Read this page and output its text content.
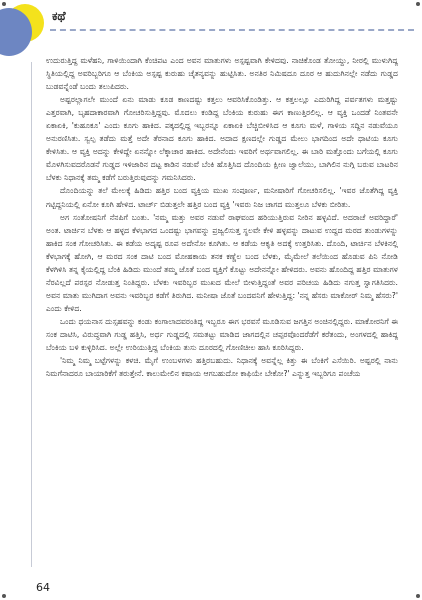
ಕಥೆ

ಉದುರುತ್ತಿದ್ದ ಮಳೆಹನಿ, ಗಾಳಿಯಿಂದಾಗಿ ಕೆಂಚಿಪಟ ಎಂದ ಅವನ ಮಾತುಗಳು ಅಸ್ಪಷ್ಟವಾಗಿ ಕೇಳಿದವು. ನಾಚಿಕೊಂಡ ತೋಯ್ದು, ನೀರಲ್ಲಿ ಮುಳುಗಿದ್ದ ಸ್ಥಿತಿಯಲ್ಲಿದ್ದ ಅವರಿಬ್ಬರಿಗೂ ಆ ಬೆಂಕಿಯ ಅಸ್ಪಷ್ಟ ಕುರುಹು ಚೈತನ್ಯವನ್ನು ಹುಟ್ಟಿಸಿತು. ಅನತಿರ ನಿಮಿಷದೂ ದೂರ ಆ ಹುದುಗಿನಲ್ಲೇ ನಡೆದು ಗುಡ್ಡದ ಬುಡವನ್ನೆಂಡೆ ಬಂದು ತಲುಪಿದರು.

ಅಷ್ಟರಲ್ಲಾಗಲೇ ಮುಂದೆ ಏನು ಮಾಡು ಕೂಡ ಕಾಣದಷ್ಟು ಕತ್ತಲು ಆವರಿಸಿಕೊಂಡಿತ್ತು. ಆ ಕತ್ತಲಲ್ಲೂ ಎದುರಿಗಿದ್ದ ಪರ್ವತಗಳು ಮತ್ತಷ್ಟು ಎತ್ತರವಾಗಿ, ಬೃಹದಾಕಾರವಾಗಿ ಗೋಚರಿಸುತ್ತಿದ್ದವು. ಮೊದಲು ಕಂಡಿದ್ದ ಬೆಂಕಿಯ ಕುರುಹು ಈಗ ಕಾಣುತ್ತಿರಲಿಲ್ಲ. ಆ ವ್ಯಕ್ತಿ ಒಂದಡೆ ನಿಂತವನೇ ಏಕಾಏಕಿ, 'ಕುಹೂಕೂ' ಎಂದು ಕೂಗು ಹಾಕಿದ. ಪಕ್ಕದಲ್ಲಿದ್ದ ಇಬ್ಬರನ್ನೂ ಏಕಾಏಕಿ ಬೆಚ್ಚಿಬೀಳಿಸಿದ ಆ ಕೂಗು ಮಳೆ, ಗಾಳಿಯ ಸದ್ದಿನ ನಡುವೆಯೂ ಅನುರಣಿಸಿತು. ಸ್ವಲ್ಪ ತಡೆದು ಮತ್ತೆ ಅದೇ ತೆರನಾದ ಕೂಗು ಹಾಕಿದ. ಅದಾದ ಕ್ಷಣದಲ್ಲೇ ಗುಡ್ಡದ ಮೇಲು ಭಾಗದಿಂದ ಅದೇ ಧಾಟಿಯ ಕೂಗು ಕೇಳಿಸಿತು. ಆ ವ್ಯಕ್ತಿ ಅದನ್ನು ಕೇಳಿದ್ದೇ ಏನನ್ನೋ ಲೆಕ್ಕಾಚಾರ ಹಾಕಿದ. ಅದೇನೆಂದು ಇವರಿಗೆ ಅರ್ಥವಾಗಲಿಲ್ಲ. ಈ ಬಾರಿ ಮತ್ತೊಂದು ಬಗೆಯಲ್ಲಿ ಕೂಗು ಮೊಳಗಿಸುವದರೊಡನೆ ಗುಡ್ಡದ ಇಳಿಜಾರಿನ ದಟ್ಟ ಕಾಡಿನ ನಡುವೆ ಬೆಂಕಿ ಹೊತ್ತಿಸಿದ ದೊಂದಿಯ ಕ್ಷೀಣ ಜ್ವಾಲೆಯು, ಬಾಗಿಲಿನ ನುಗ್ಗಿ ಬರುವ ಬಾಟರಿನ ಬೆಳಕು ನಿಧಾನಕ್ಕೆ ತಮ್ಮ ಕಡೆಗೆ ಬರುತ್ತಿರುವುದನ್ನು ಗಮನಿಸಿದರು.

ದೊಂದಿಯನ್ನು ತಲೆ ಮೇಲಕ್ಕೆ ಹಿಡಿದು ಹತ್ತಿರ ಬಂದ ವ್ಯಕ್ತಿಯ ಮುಖ ಸಂಪೂರ್ಣ, ಮನೀಷಾರಿಗೆ ಗೋಚರಿಸಲಿಲ್ಲ. 'ಇವರ ಜೊತೆಗಿದ್ದ ವ್ಯಕ್ತಿ ಗಟ್ಟಿದ್ದನಿಯಲ್ಲಿ ಏನೋ ಕೂಗಿ ಹೇಳಿದ. ಟಾರ್ಚ್ ಬಿಡುತ್ತಲೇ ಹತ್ತಿರ ಬಂದ ವ್ಯಕ್ತಿ 'ಇವರು ನಿಜ ಚಾಗದ ಮುತ್ತಲೂ ಬೆಳಕು ಬೀರಿತು.

ಅಗ ಸಂತೋಷನಿಗೆ ನೆನಪಿಗೆ ಬಂತು. 'ನಮ್ಮ ಮತ್ತು ಅವರ ನಡುವೆ ರಾಘವಂದ ಹರಿಯುತ್ತಿರುವ ನೀರಿನ ಹಳ್ಳವಿದೆ. ಅದರಾಚೆ ಅವರಿದ್ದಾರೆ' ಅಂತ. ಟಾರ್ಚಿನ ಬೆಳಕು ಆ ಹಳ್ಳದ ಕೆಳಭಾಗದ ಒಂದಷ್ಟು ಭಾಗವನ್ನು ಪ್ರಜ್ವಲಿಸುತ್ತ ಸ್ಥಲವೇ ಕೇಳಿ ಹಳ್ಳವನ್ನು ದಾಟುವ ಉದ್ದದ ಮರದ ತುಂಡುಗಳನ್ನು ಹಾಕಿದ ಸಂಕ ಗೋಚರಿಸಿತು. ಈ ಕಡೆಯ ಅದೃಷ್ಟ ರೂಪ ಅದೇನೋ ಕೂಗಿತು. ಆ ಕಡೆಯ ಆಕೃತಿ ಅದಕ್ಕೆ ಉತ್ತರಿಸಿತು. ದೊಂದಿ, ಟಾರ್ಚಿನ ಬೆಳಕಿನಲ್ಲಿ ಕೆಳಭಾಗಕ್ಕೆ ಹೋಗಿ, ಆ ಮರದ ಸಂಕ ದಾಟಿ ಬಂದ ಮೋಹಕಾಯ ತನಕ ಕಣ್ಣೆಲ ಬಂದ ಬೆಳಕು, ಮೈಮೇಲೆ ತಲೆಯಿಂದ ಹೊಡುವ ಪಿನಿ ನೋಡಿ ಕೆಳಗಿಳಿಸಿ ತನ್ನ ಕೈಯಲ್ಲಿದ್ದ ಬೆಂಕಿ ಹಿಡಿದು ಮುಂದೆ ತಮ್ಮ ಜೊತೆ ಬಂದ ವ್ಯಕ್ತಿಗೆ ಕೊಟ್ಟು ಅದೇನನ್ನೋ ಹೇಳಿದರು. ಅವನು ಹೊಂದಿದ್ದ ಹತ್ತಿರ ಮಾತುಗಳ ನೆರವಿಲ್ಲದೆ ಪರಸ್ಪರ ನೋಡುತ್ತ ನಿಂತಿದ್ದರು. ಬೆಳಕು ಇವರಿಬ್ಬರ ಮುಖದ ಮೇಲೆ ಬೀಳುತ್ತಿದ್ದಂತೆ ಅವರ ಪರಿಚಯ ಹಿಡಿದು ನಗುತ್ತ ಸ್ವಾಗತಿಸಿದರು. ಅವನ ಮಾತು ಮುಗಿದಾಗ ಅವನು ಇವರಿಬ್ಬರ ಕಡೆಗೆ ತಿರುಗಿದ. ಮನೀಷಾ ಜೊತೆ ಬಂದವನಿಗೆ ಹೇಳುತ್ತಿದ್ದ: 'ನನ್ನ ಹೆಸರು ಮಾಕೋರ್ ನಿಮ್ಮ ಹೆಸರು?' ಎಂದು ಕೇಳಿದ.

ಒಂದು ಧಯನಾಸ ದುಸ್ಸಹವನ್ನು ಕಂಡು ಕಂಗಾಲಾದವರಂತಿದ್ದ ಇಬ್ಬರೂ ಈಗ ಭರವಸೆ ಮೂಡಿಸುವ ಜಗತ್ತಿನ ಅಂಚಿನಲ್ಲಿದ್ದರು. ಮಾಕೋರನಿಗೆ ಈ ಸಂಕ ದಾಟಿಸಿ, ವಿರುದ್ಧವಾಗಿ ಗುಡ್ಡ ಹತ್ತಿಸಿ, ಅರ್ಧ ಗುಡ್ಡದಲ್ಲಿ ಸಮತಟ್ಟು ಮಾಡಿದ ಜಾಗದಲ್ಲಿನ ಚಪ್ಪರವೊಂದರೆಡೆಗೆ ಕರೆತಂದು, ಅಂಗಳದಲ್ಲಿ ಹಾಕಿದ್ದ ಬೆಂಕಿಯ ಬಳಿ ಕುಳ್ಳಿರಿಸಿದ. ಅಲ್ಲೇ ಉರಿಯುತ್ತಿದ್ದ ಬೆಂಕಿಯ ತುಸು ದೂರದಲ್ಲಿ ಗೋಣಿಚೀಲ ಹಾಸಿ ಕೂರಿಸಿದ್ದರು.

'ನಿಮ್ಮ ನಿಮ್ಮ ಬಟ್ಟೆಗಳನ್ನು ಕಳಚಿ. ಮೈಗೆ ಉಂಬಳಗಳು ಹತ್ತಿರಬಹುದು. ನಿಧಾನಕ್ಕೆ ಅವನ್ನೆಲ್ಲ ಕಿತ್ತು ಈ ಬೆಂಕಿಗೆ ಎಸೆಯಿರಿ. ಅಷ್ಟರಲ್ಲಿ ನಾನು ನಿಮಗೆನಾದರೂ ಬಾಯಾರಿಕೆಗೆ ತರುತ್ತೇನೆ. ಕಾಲುಮೇಲಿನ ಕಷಾಯ ಆಗಬಹುದೋ ಕಾಫಿಯೇ ಬೇಕೋ?' ಎನ್ನುತ್ತ ಇಬ್ಬರಿಗೂ ಪಂಚೆಯ

64
